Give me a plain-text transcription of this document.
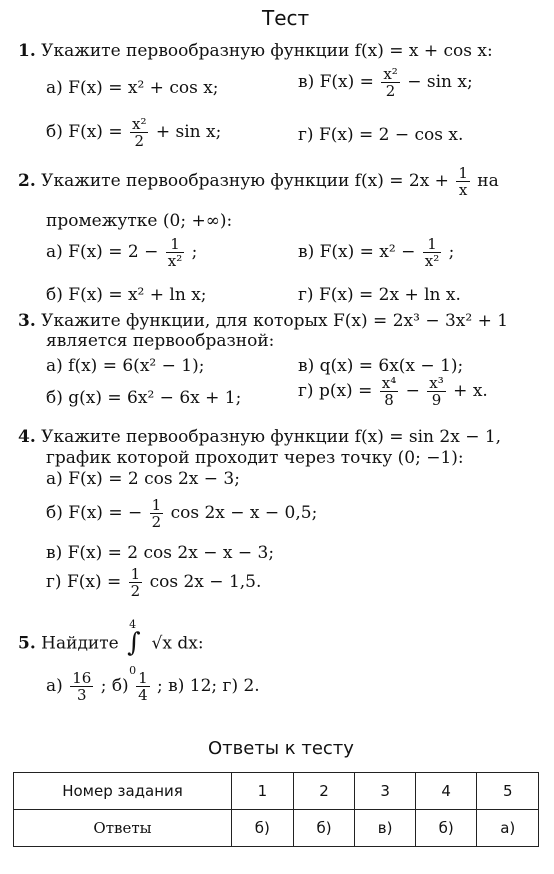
Тест
1. Укажите первообразную функции f(x) = x + cos x:
а) F(x) = x² + cos x;	в) $F(x) = \frac{\text{x²}}{2} - \sin x$;
б) $F(x) = \frac{\text{x²}}{2} + \sin x$;	г) F(x) = 2 − cos x.
2. Укажите первообразную функции $f(x) = 2x + \frac{1}{x}$ на
промежутке (0; +∞):
а) $F(x) = 2 - \frac{1}{\text{x²}}$ ;	в) $F(x) = x^2 - \frac{1}{\text{x²}}$ ;
б) F(x) = x² + ln x;	г) F(x) = 2x + ln x.
3. Укажите функции, для которых F(x) = 2x³ − 3x² + 1
является первообразной:
а) f(x) = 6(x² − 1);	в) q(x) = 6x(x − 1);
б) g(x) = 6x² − 6x + 1;	г) $p(x) = \frac{\text{x⁴}}{8} - \frac{\text{x³}}{9} + x$.
4. Укажите первообразную функции f(x) = sin 2x − 1,
график которой проходит через точку (0; −1):
а) F(x) = 2 cos 2x − 3;
б) F(x) = − $\frac{1}{2}$ cos 2x − x − 0,5;
в) F(x) = 2 cos 2x − x − 3;
г) $F(x) = \frac{1}{2}$ cos 2x − 1,5.
5. Найдите
4
∫
0
√x dx:
$а) \frac{16}{3}$ ; $б) \frac{1}{4}$ ; в) 12; г) 2.
Ответы к тесту
Номер задания	1	2	3	4	5
Ответы	б)	б)	в)	б)	а)
